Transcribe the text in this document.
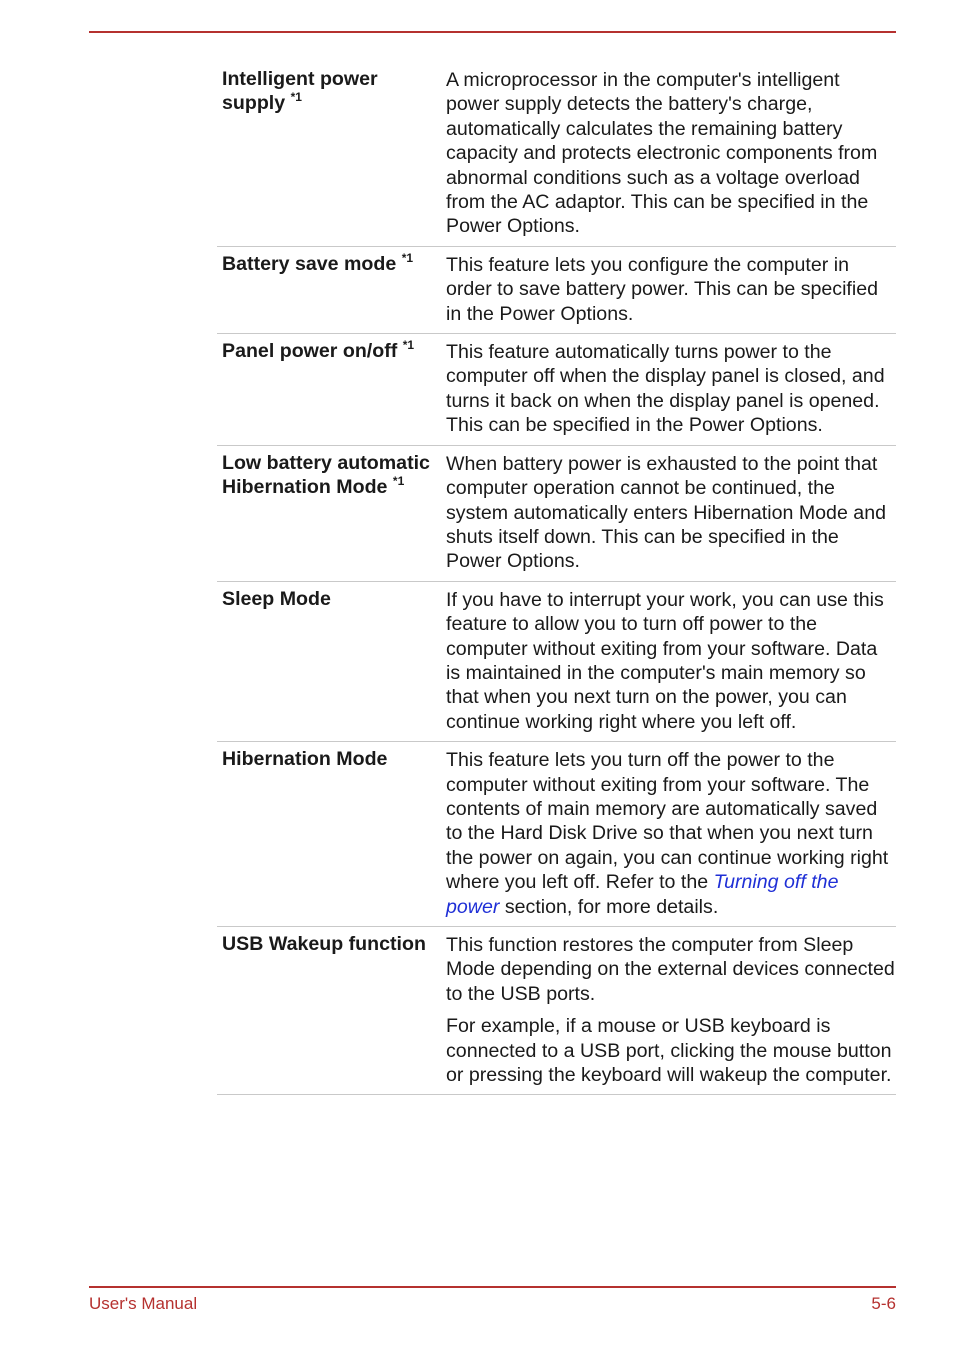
Intelligent power supply $^{*1}$	A microprocessor in the computer's intelligent power supply detects the battery's charge, automatically calculates the remaining battery capacity and protects electronic components from abnormal conditions such as a voltage overload from the AC adaptor. This can be specified in the Power Options.
Battery save mode $^{*1}$	This feature lets you configure the computer in order to save battery power. This can be specified in the Power Options.
Panel power on/off $^{*1}$	This feature automatically turns power to the computer off when the display panel is closed, and turns it back on when the display panel is opened. This can be specified in the Power Options.
Low battery automatic Hibernation Mode $^{*1}$	When battery power is exhausted to the point that computer operation cannot be continued, the system automatically enters Hibernation Mode and shuts itself down. This can be specified in the Power Options.
Sleep Mode	If you have to interrupt your work, you can use this feature to allow you to turn off power to the computer without exiting from your software. Data is maintained in the computer's main memory so that when you next turn on the power, you can continue working right where you left off.
Hibernation Mode	This feature lets you turn off the power to the computer without exiting from your software. The contents of main memory are automatically saved to the Hard Disk Drive so that when you next turn the power on again, you can continue working right where you left off. Refer to the Turning off the power section, for more details.
USB Wakeup function	This function restores the computer from Sleep Mode depending on the external devices connected to the USB ports.

For example, if a mouse or USB keyboard is connected to a USB port, clicking the mouse button or pressing the keyboard will wakeup the computer.

User's Manual	5-6
